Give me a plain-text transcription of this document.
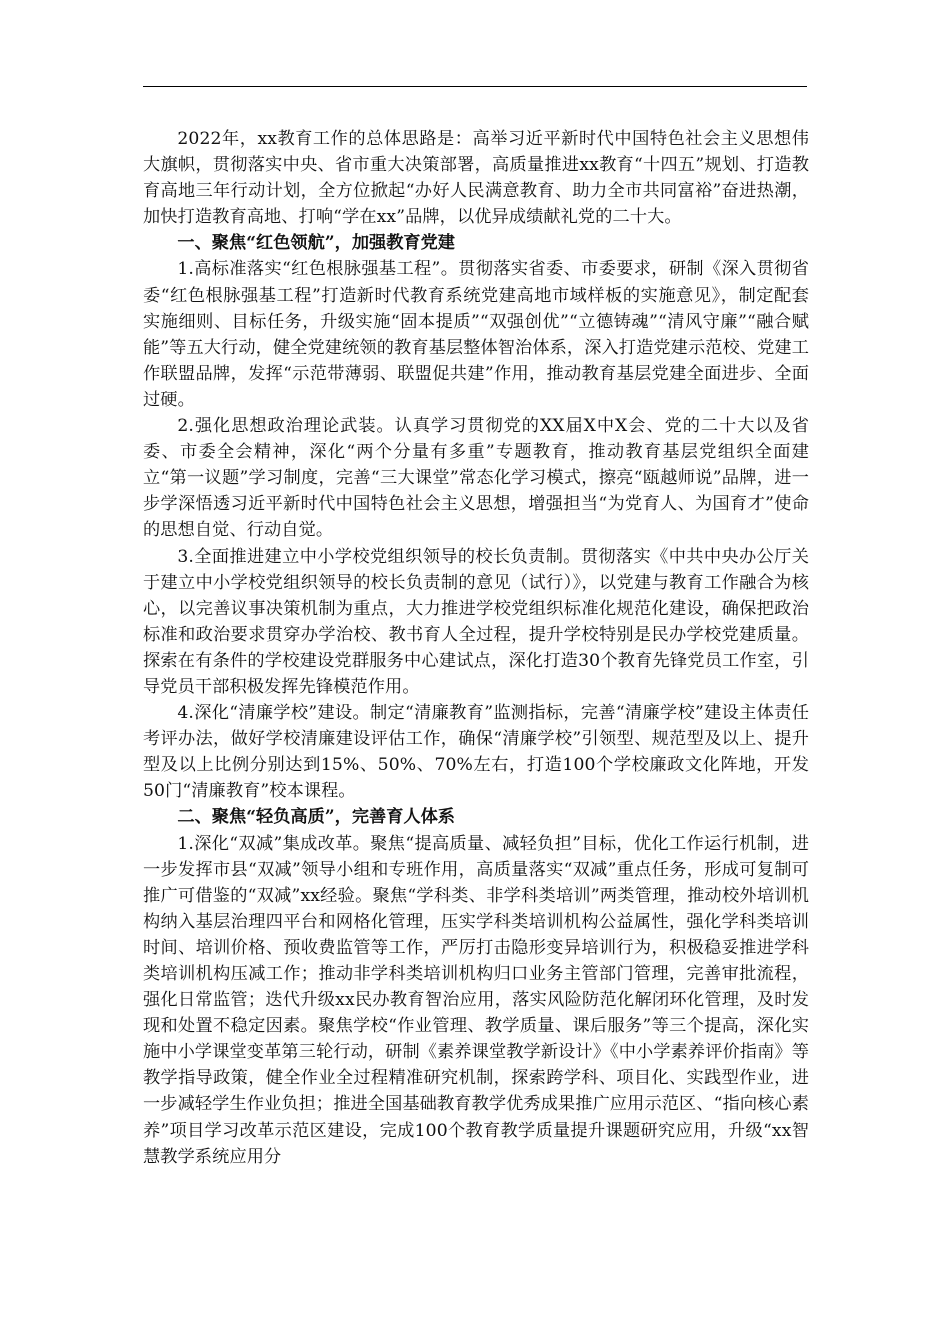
2022年，xx教育工作的总体思路是：高举习近平新时代中国特色社会主义思想伟大旗帜，贯彻落实中央、省市重大决策部署，高质量推进xx教育“十四五”规划、打造教育高地三年行动计划，全方位掀起“办好人民满意教育、助力全市共同富裕”奋进热潮，加快打造教育高地、打响“学在xx”品牌，以优异成绩献礼党的二十大。

一、聚焦“红色领航”，加强教育党建

1.高标准落实“红色根脉强基工程”。贯彻落实省委、市委要求，研制《深入贯彻省委“红色根脉强基工程”打造新时代教育系统党建高地市域样板的实施意见》，制定配套实施细则、目标任务，升级实施“固本提质”“双强创优”“立德铸魂”“清风守廉”“融合赋能”等五大行动，健全党建统领的教育基层整体智治体系，深入打造党建示范校、党建工作联盟品牌，发挥“示范带薄弱、联盟促共建”作用，推动教育基层党建全面进步、全面过硬。

2.强化思想政治理论武装。认真学习贯彻党的XX届X中X会、党的二十大以及省委、市委全会精神，深化“两个分量有多重”专题教育，推动教育基层党组织全面建立“第一议题”学习制度，完善“三大课堂”常态化学习模式，擦亮“瓯越师说”品牌，进一步学深悟透习近平新时代中国特色社会主义思想，增强担当“为党育人、为国育才”使命的思想自觉、行动自觉。

3.全面推进建立中小学校党组织领导的校长负责制。贯彻落实《中共中央办公厅关于建立中小学校党组织领导的校长负责制的意见（试行）》，以党建与教育工作融合为核心，以完善议事决策机制为重点，大力推进学校党组织标准化规范化建设，确保把政治标准和政治要求贯穿办学治校、教书育人全过程，提升学校特别是民办学校党建质量。探索在有条件的学校建设党群服务中心建试点，深化打造30个教育先锋党员工作室，引导党员干部积极发挥先锋模范作用。

4.深化“清廉学校”建设。制定“清廉教育”监测指标，完善“清廉学校”建设主体责任考评办法，做好学校清廉建设评估工作，确保“清廉学校”引领型、规范型及以上、提升型及以上比例分别达到15%、50%、70%左右，打造100个学校廉政文化阵地，开发50门“清廉教育”校本课程。

二、聚焦“轻负高质”，完善育人体系

1.深化“双减”集成改革。聚焦“提高质量、减轻负担”目标，优化工作运行机制，进一步发挥市县“双减”领导小组和专班作用，高质量落实“双减”重点任务，形成可复制可推广可借鉴的“双减”xx经验。聚焦“学科类、非学科类培训”两类管理，推动校外培训机构纳入基层治理四平台和网格化管理，压实学科类培训机构公益属性，强化学科类培训时间、培训价格、预收费监管等工作，严厉打击隐形变异培训行为，积极稳妥推进学科类培训机构压减工作；推动非学科类培训机构归口业务主管部门管理，完善审批流程，强化日常监管；迭代升级xx民办教育智治应用，落实风险防范化解闭环化管理，及时发现和处置不稳定因素。聚焦学校“作业管理、教学质量、课后服务”等三个提高，深化实施中小学课堂变革第三轮行动，研制《素养课堂教学新设计》《中小学素养评价指南》等教学指导政策，健全作业全过程精准研究机制，探索跨学科、项目化、实践型作业，进一步减轻学生作业负担；推进全国基础教育教学优秀成果推广应用示范区、“指向核心素养”项目学习改革示范区建设，完成100个教育教学质量提升课题研究应用，升级“xx智慧教学系统应用分
